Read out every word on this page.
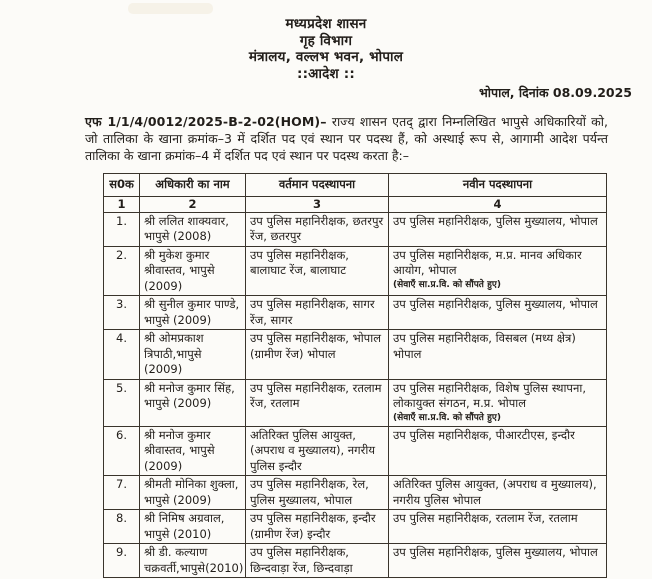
मध्यप्रदेश शासन
गृह विभाग
मंत्रालय, वल्लभ भवन, भोपाल
::आदेश ::
भोपाल, दिनांक 08.09.2025

एफ 1/1/4/0012/2025-B-2-02(HOM)– राज्य शासन एतद् द्वारा निम्नलिखित भापुसे अधिकारियों को, जो तालिका के खाना क्रमांक–3 में दर्शित पद एवं स्थान पर पदस्थ हैं, को अस्थाई रूप से, आगामी आदेश पर्यन्त तालिका के खाना क्रमांक–4 में दर्शित पद एवं स्थान पर पदस्थ करता है:–

स0क	अधिकारी का नाम	वर्तमान पदस्थापना	नवीन पदस्थापना
1	2	3	4
1.	श्री ललित शाक्यवार, भापुसे (2008)	उप पुलिस महानिरीक्षक, छतरपुर रेंज, छतरपुर	उप पुलिस महानिरीक्षक, पुलिस मुख्यालय, भोपाल
2.	श्री मुकेश कुमार श्रीवास्तव, भापुसे (2009)	उप पुलिस महानिरीक्षक, बालाघाट रेंज, बालाघाट	उप पुलिस महानिरीक्षक, म.प्र. मानव अधिकार आयोग, भोपाल
(सेवाएँ सा.प्र.वि. को सौंपते हुए)

3.	श्री सुनील कुमार पाण्डे, भापुसे (2009)	उप पुलिस महानिरीक्षक, सागर रेंज, सागर	उप पुलिस महानिरीक्षक, पुलिस मुख्यालय, भोपाल
4.	श्री ओमप्रकाश त्रिपाठी,भापुसे (2009)	उप पुलिस महानिरीक्षक, भोपाल (ग्रामीण रेंज) भोपाल	उप पुलिस महानिरीक्षक, विसबल (मध्य क्षेत्र) भोपाल
5.	श्री मनोज कुमार सिंह, भापुसे (2009)	उप पुलिस महानिरीक्षक, रतलाम रेंज, रतलाम	उप पुलिस महानिरीक्षक, विशेष पुलिस स्थापना, लोकायुक्त संगठन, म.प्र. भोपाल
(सेवाएँ सा.प्र.वि. को सौंपते हुए)

6.	श्री मनोज कुमार श्रीवास्तव, भापुसे (2009)	अतिरिक्त पुलिस आयुक्त, (अपराध व मुख्यालय), नगरीय पुलिस इन्दौर	उप पुलिस महानिरीक्षक, पीआरटीएस, इन्दौर
7.	श्रीमती मोनिका शुक्ला, भापुसे (2009)	उप पुलिस महानिरीक्षक, रेल, पुलिस मुख्यालय, भोपाल	अतिरिक्त पुलिस आयुक्त, (अपराध व मुख्यालय), नगरीय पुलिस भोपाल
8.	श्री निमिष अग्रवाल, भापुसे (2010)	उप पुलिस महानिरीक्षक, इन्दौर (ग्रामीण रेंज) इन्दौर	उप पुलिस महानिरीक्षक, रतलाम रेंज, रतलाम
9.	श्री डी. कल्याण चक्रवर्ती,भापुसे(2010)	उप पुलिस महानिरीक्षक, छिन्दवाड़ा रेंज, छिन्दवाड़ा	उप पुलिस महानिरीक्षक, पुलिस मुख्यालय, भोपाल
